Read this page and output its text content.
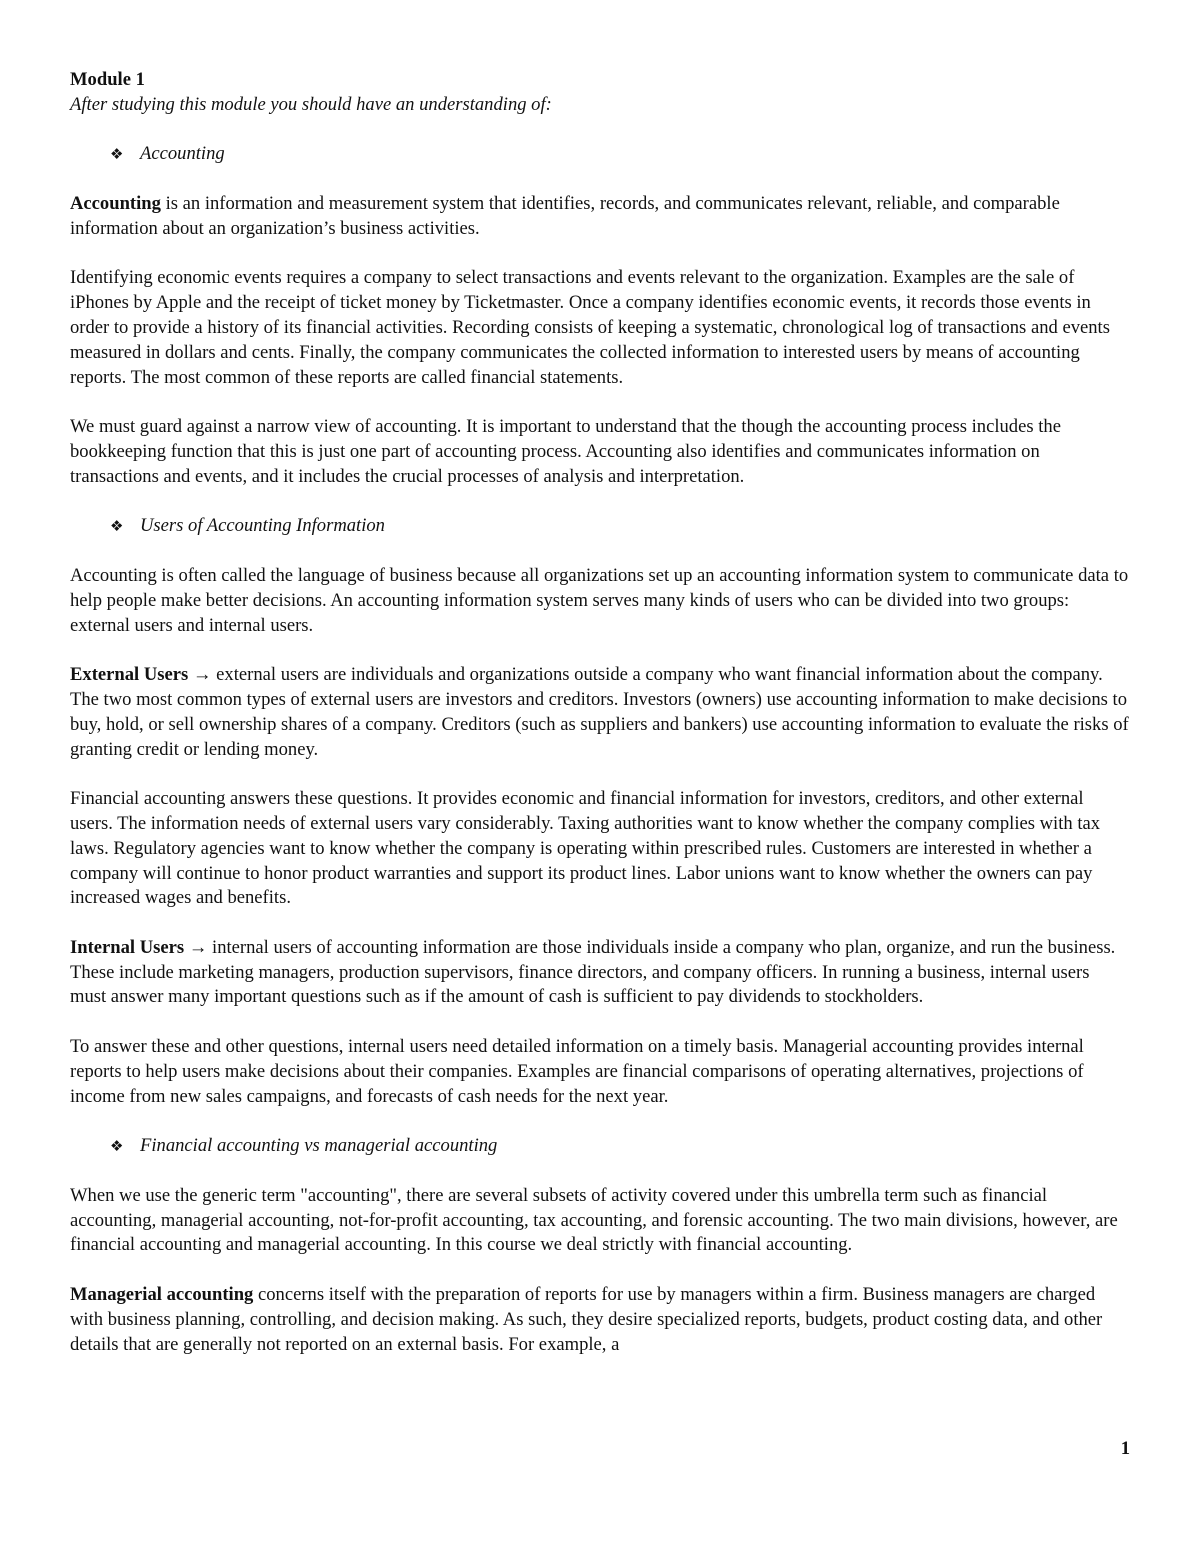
Module 1

After studying this module you should have an understanding of:

❖ Accounting

Accounting is an information and measurement system that identifies, records, and communicates relevant, reliable, and comparable information about an organization’s business activities.

Identifying economic events requires a company to select transactions and events relevant to the organization. Examples are the sale of iPhones by Apple and the receipt of ticket money by Ticketmaster. Once a company identifies economic events, it records those events in order to provide a history of its financial activities. Recording consists of keeping a systematic, chronological log of transactions and events measured in dollars and cents. Finally, the company communicates the collected information to interested users by means of accounting reports. The most common of these reports are called financial statements.

We must guard against a narrow view of accounting. It is important to understand that the though the accounting process includes the bookkeeping function that this is just one part of accounting process. Accounting also identifies and communicates information on transactions and events, and it includes the crucial processes of analysis and interpretation.

❖ Users of Accounting Information

Accounting is often called the language of business because all organizations set up an accounting information system to communicate data to help people make better decisions. An accounting information system serves many kinds of users who can be divided into two groups: external users and internal users.

External Users → external users are individuals and organizations outside a company who want financial information about the company. The two most common types of external users are investors and creditors. Investors (owners) use accounting information to make decisions to buy, hold, or sell ownership shares of a company. Creditors (such as suppliers and bankers) use accounting information to evaluate the risks of granting credit or lending money.

Financial accounting answers these questions. It provides economic and financial information for investors, creditors, and other external users. The information needs of external users vary considerably. Taxing authorities want to know whether the company complies with tax laws. Regulatory agencies want to know whether the company is operating within prescribed rules. Customers are interested in whether a company will continue to honor product warranties and support its product lines. Labor unions want to know whether the owners can pay increased wages and benefits.

Internal Users → internal users of accounting information are those individuals inside a company who plan, organize, and run the business. These include marketing managers, production supervisors, finance directors, and company officers. In running a business, internal users must answer many important questions such as if the amount of cash is sufficient to pay dividends to stockholders.

To answer these and other questions, internal users need detailed information on a timely basis. Managerial accounting provides internal reports to help users make decisions about their companies. Examples are financial comparisons of operating alternatives, projections of income from new sales campaigns, and forecasts of cash needs for the next year.

❖ Financial accounting vs managerial accounting

When we use the generic term "accounting", there are several subsets of activity covered under this umbrella term such as financial accounting, managerial accounting, not-for-profit accounting, tax accounting, and forensic accounting. The two main divisions, however, are financial accounting and managerial accounting. In this course we deal strictly with financial accounting.

Managerial accounting concerns itself with the preparation of reports for use by managers within a firm. Business managers are charged with business planning, controlling, and decision making. As such, they desire specialized reports, budgets, product costing data, and other details that are generally not reported on an external basis. For example, a

1
